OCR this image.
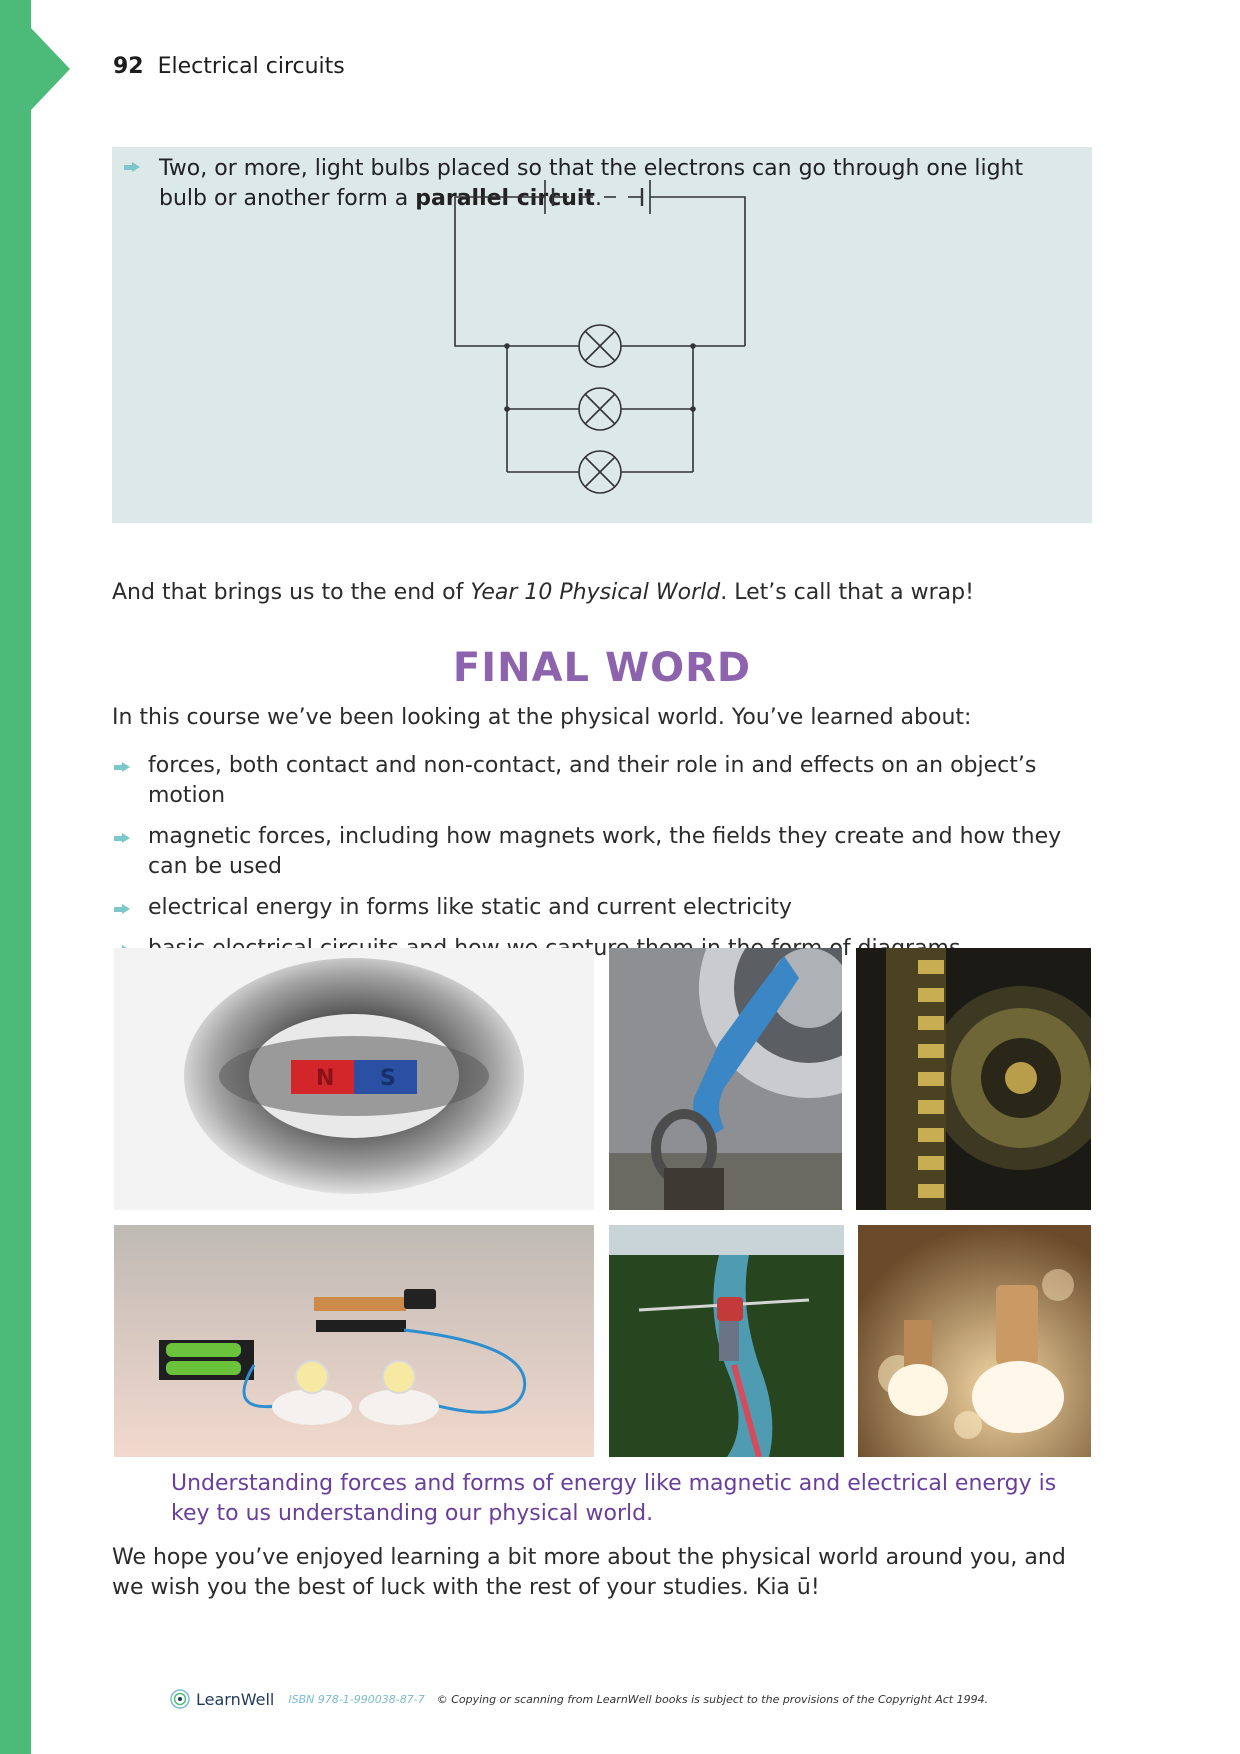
92 Electrical circuits
Two, or more, light bulbs placed so that the electrons can go through one light bulb or another form a parallel circuit.
And that brings us to the end of Year 10 Physical World. Let’s call that a wrap!
FINAL WORD
In this course we’ve been looking at the physical world. You’ve learned about:
forces, both contact and non-contact, and their role in and effects on an object’s motion
magnetic forces, including how magnets work, the fields they create and how they can be used
electrical energy in forms like static and current electricity
N S
Understanding forces and forms of energy like magnetic and electrical energy is key to us understanding our physical world.
We hope you’ve enjoyed learning a bit more about the physical world around you, and we wish you the best of luck with the rest of your studies. Kia ū!
LearnWell ISBN 978-1-990038-87-7 © Copying or scanning from LearnWell books is subject to the provisions of the Copyright Act 1994.
